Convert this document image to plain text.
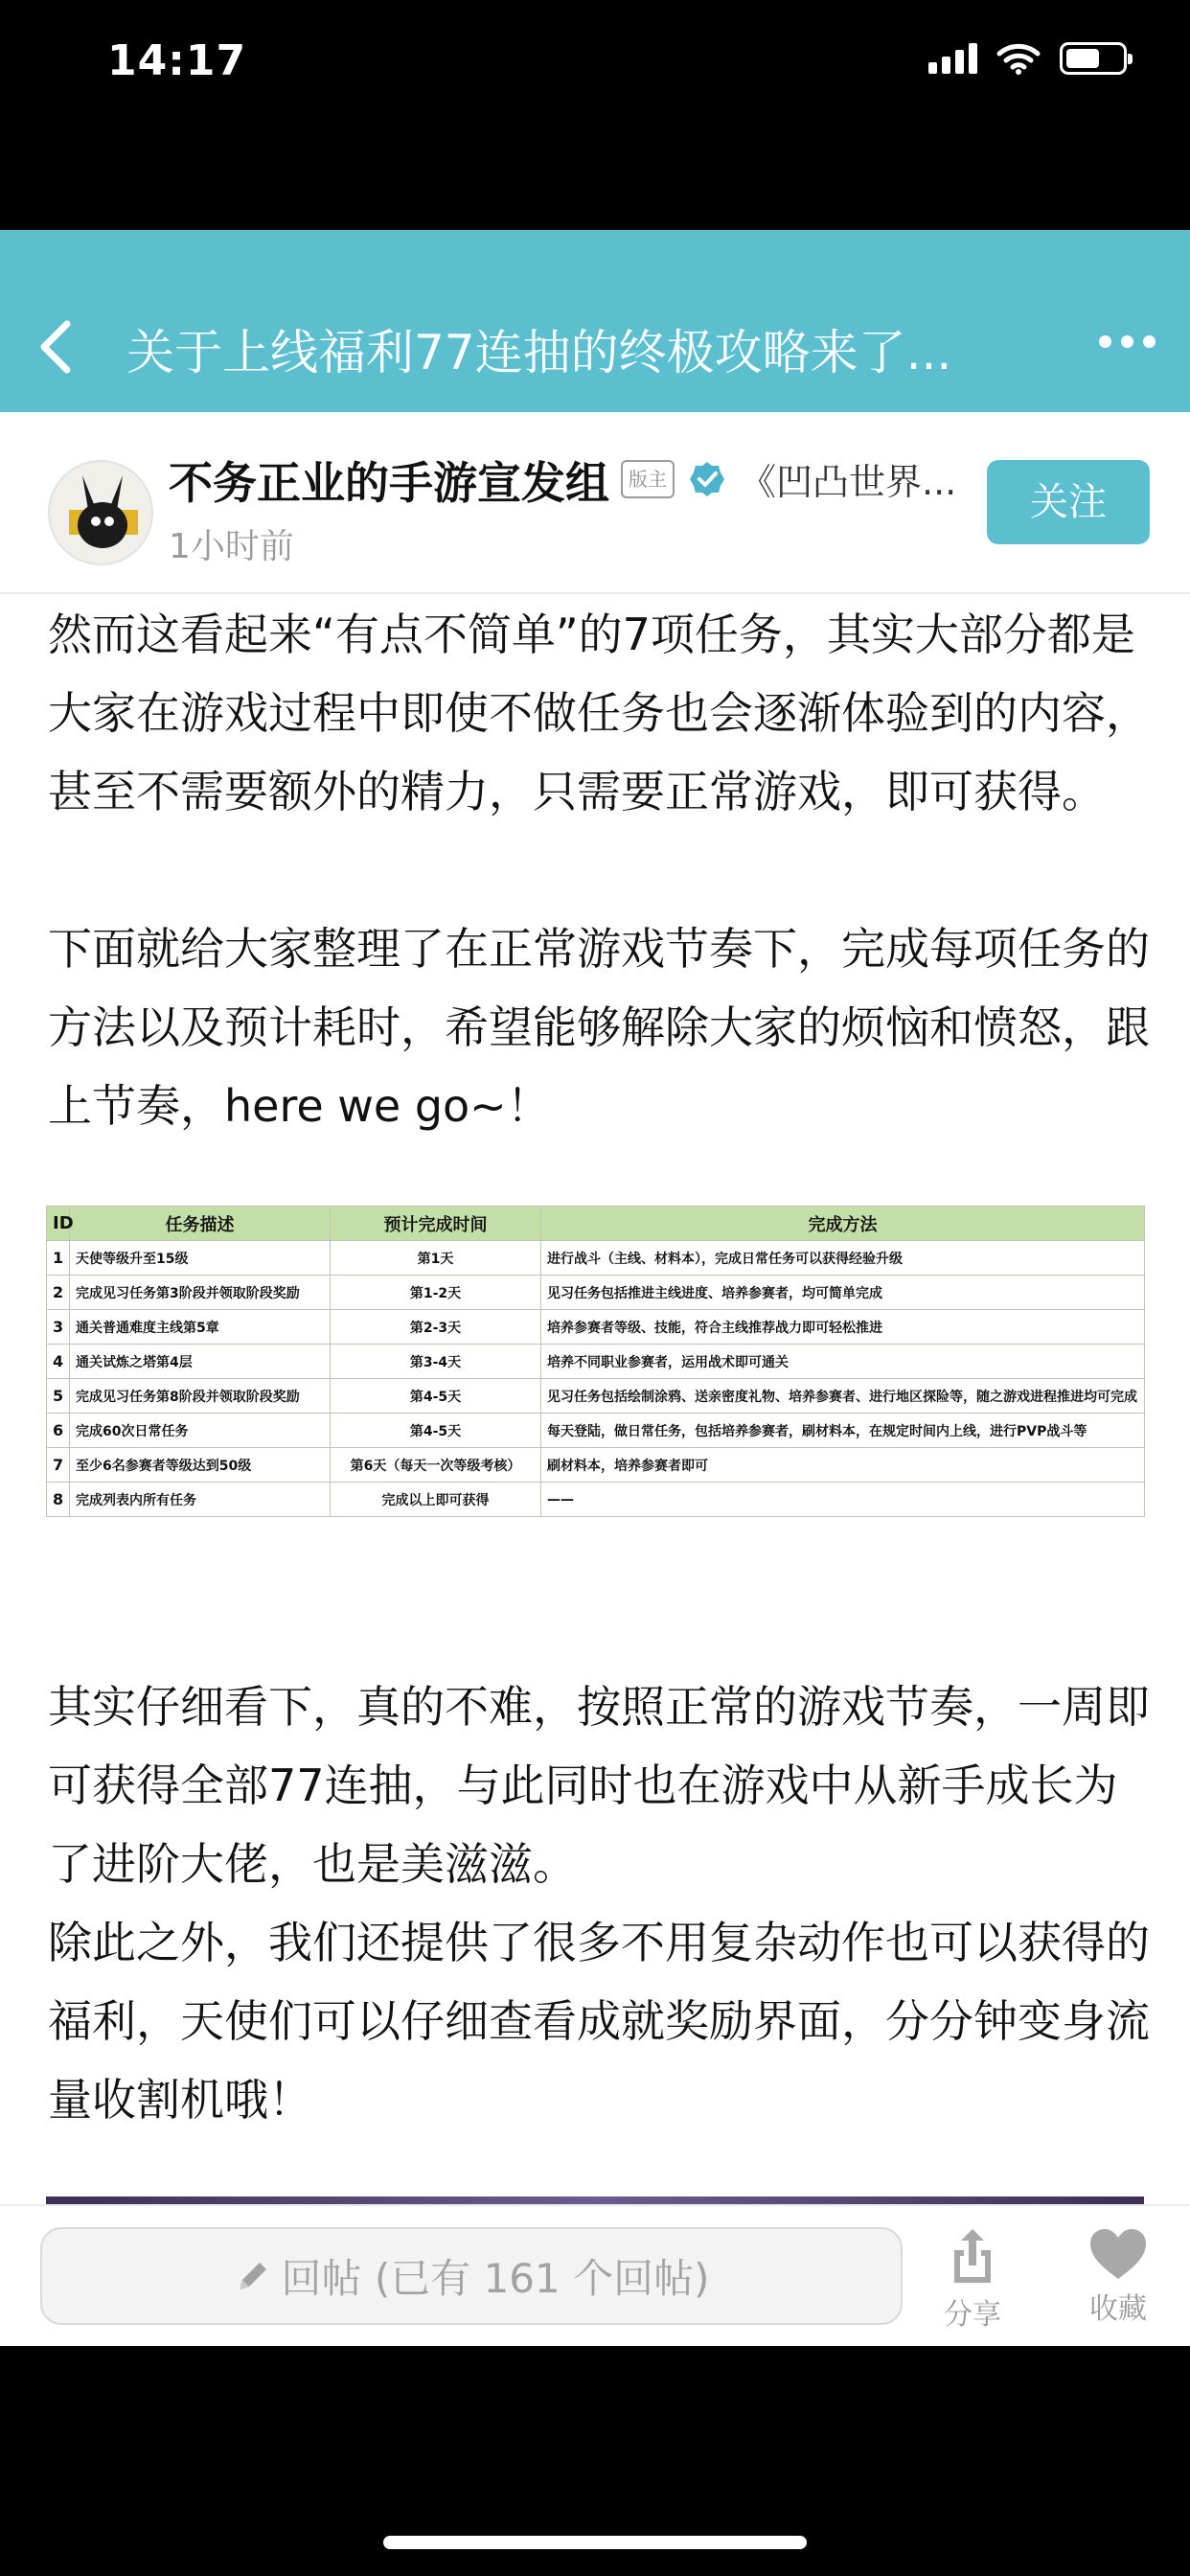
14:17
关于上线福利77连抽的终极攻略来了...
不务正业的手游宣发组	版主 《凹凸世界...
1小时前
关注
然而这看起来“有点不简单”的7项任务，其实大部分都是大家在游戏过程中即使不做任务也会逐渐体验到的内容，甚至不需要额外的精力，只需要正常游戏，即可获得。
下面就给大家整理了在正常游戏节奏下，完成每项任务的方法以及预计耗时，希望能够解除大家的烦恼和愤怒，跟上节奏，here we go~！
ID	任务描述	预计完成时间	完成方法
1	天使等级升至15级	第1天	进行战斗（主线、材料本），完成日常任务可以获得经验升级
2	完成见习任务第3阶段并领取阶段奖励	第1-2天	见习任务包括推进主线进度、培养参赛者，均可简单完成
3	通关普通难度主线第5章	第2-3天	培养参赛者等级、技能，符合主线推荐战力即可轻松推进
4	通关试炼之塔第4层	第3-4天	培养不同职业参赛者，运用战术即可通关
5	完成见习任务第8阶段并领取阶段奖励	第4-5天	见习任务包括绘制涂鸦、送亲密度礼物、培养参赛者、进行地区探险等，随之游戏进程推进均可完成
6	完成60次日常任务	第4-5天	每天登陆，做日常任务，包括培养参赛者，刷材料本，在规定时间内上线，进行PVP战斗等
7	至少6名参赛者等级达到50级	第6天（每天一次等级考核）	刷材料本，培养参赛者即可
8	完成列表内所有任务	完成以上即可获得	——
其实仔细看下，真的不难，按照正常的游戏节奏，一周即可获得全部77连抽，与此同时也在游戏中从新手成长为了进阶大佬，也是美滋滋。
除此之外，我们还提供了很多不用复杂动作也可以获得的福利，天使们可以仔细查看成就奖励界面，分分钟变身流量收割机哦！
回帖 (已有 161 个回帖)
分享	收藏
